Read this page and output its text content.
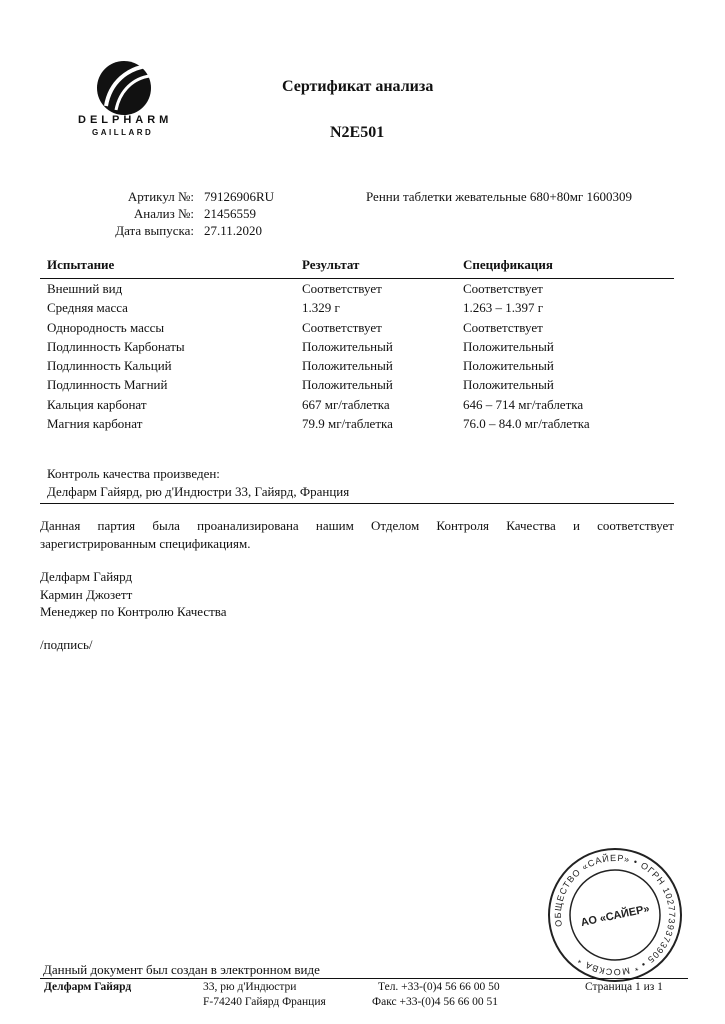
DELPHARM
GAILLARD
Сертификат анализа
N2E501
Артикул №: 79126906RU
Анализ №: 21456559
Дата выпуска: 27.11.2020
Ренни таблетки жевательные 680+80мг 1600309
Испытание	Результат	Спецификация
Внешний вид	Соответствует	Соответствует
Средняя масса	1.329 г	1.263 – 1.397 г
Однородность массы	Соответствует	Соответствует
Подлинность Карбонаты	Положительный	Положительный
Подлинность Кальций	Положительный	Положительный
Подлинность Магний	Положительный	Положительный
Кальция карбонат	667 мг/таблетка	646 – 714 мг/таблетка
Магния карбонат	79.9 мг/таблетка	76.0 – 84.0 мг/таблетка
Контроль качества произведен:
Делфарм Гайярд, рю д'Индюстри 33, Гайярд, Франция
Данная партия была проанализирована нашим Отделом Контроля Качества и соответствует
зарегистрированным спецификациям.
Делфарм Гайярд
Кармин Джозетт
Менеджер по Контролю Качества
/подпись/
ОБЩЕСТВО «САЙЕР» • ОГРН 1027739373905 • * МОСКВА *
АО «САЙЕР»
Данный документ был создан в электронном виде
Делфарм Гайярд	33, рю д'Индюстри
F-74240 Гайярд Франция
Тел. +33-(0)4 56 66 00 50
Факс +33-(0)4 56 66 00 51
Страница 1 из 1
